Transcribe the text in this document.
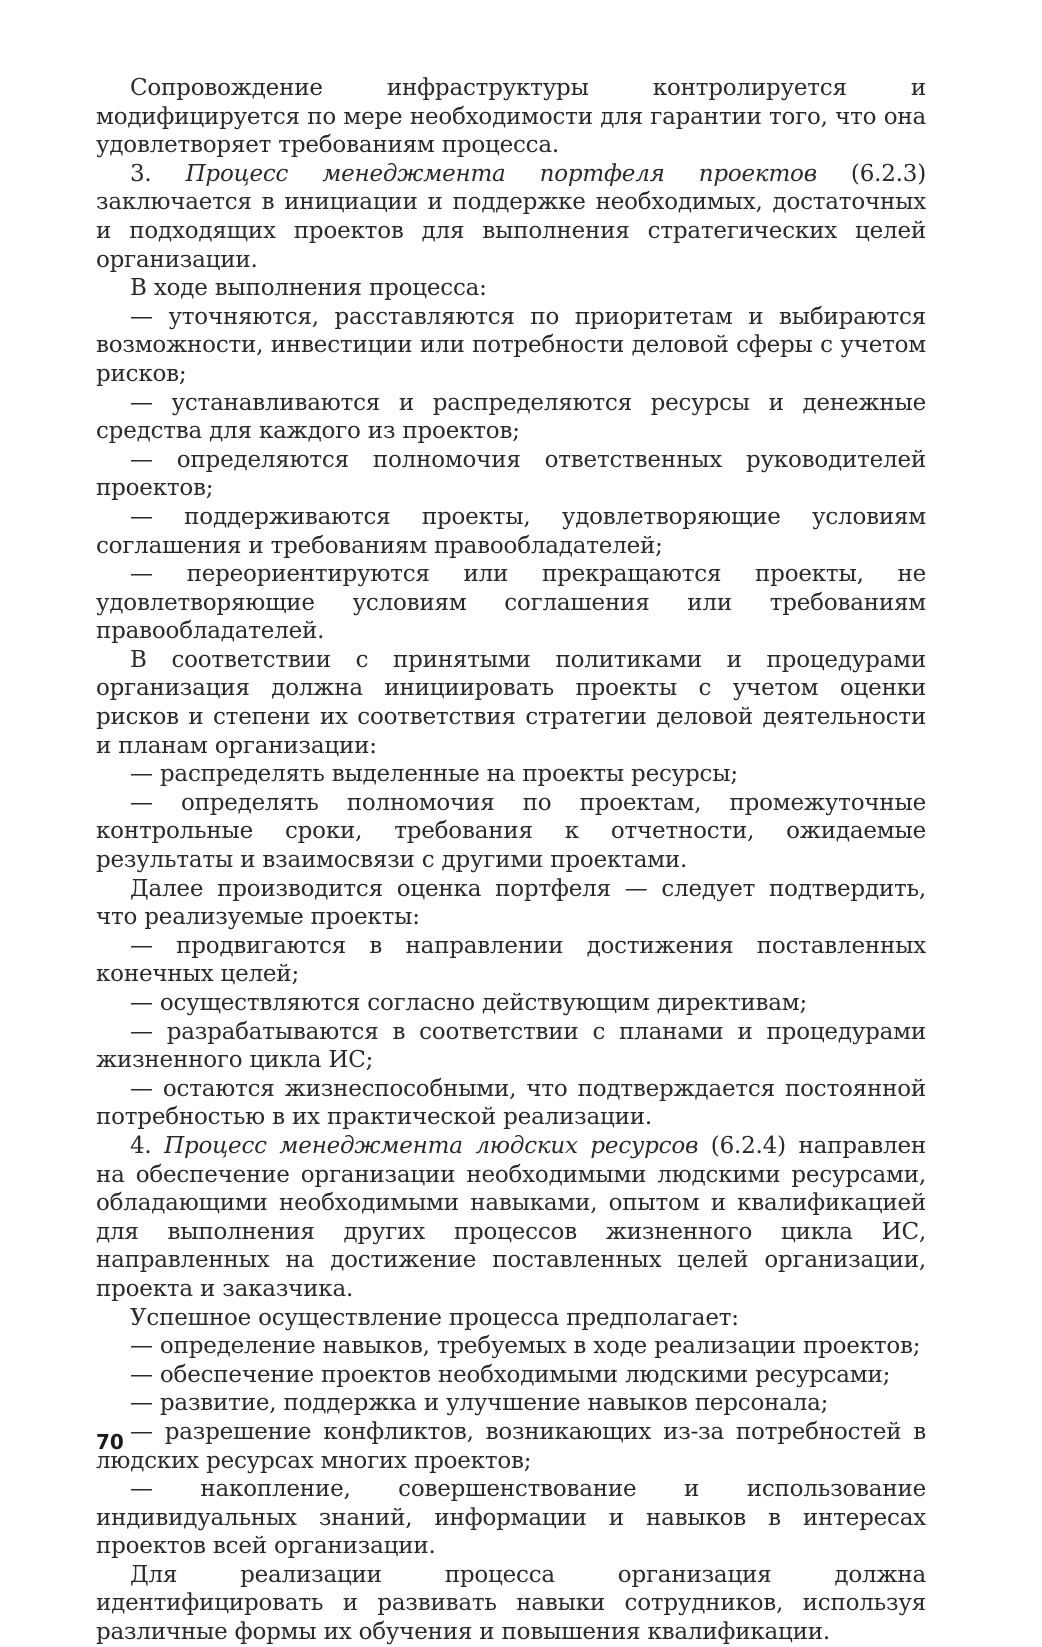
Сопровождение инфраструктуры контролируется и модифицируется по мере необходимости для гарантии того, что она удовлетворяет требованиям процесса.

3. Процесс менеджмента портфеля проектов (6.2.3) заключается в инициации и поддержке необходимых, достаточных и подходящих проектов для выполнения стратегических целей организации.

В ходе выполнения процесса:

— уточняются, расставляются по приоритетам и выбираются возможности, инвестиции или потребности деловой сферы с учетом рисков;

— устанавливаются и распределяются ресурсы и денежные средства для каждого из проектов;

— определяются полномочия ответственных руководителей проектов;

— поддерживаются проекты, удовлетворяющие условиям соглашения и требованиям правообладателей;

— переориентируются или прекращаются проекты, не удовлетворяющие условиям соглашения или требованиям правообладателей.

В соответствии с принятыми политиками и процедурами организация должна инициировать проекты с учетом оценки рисков и степени их соответствия стратегии деловой деятельности и планам организации:

— распределять выделенные на проекты ресурсы;

— определять полномочия по проектам, промежуточные контрольные сроки, требования к отчетности, ожидаемые результаты и взаимосвязи с другими проектами.

Далее производится оценка портфеля — следует подтвердить, что реализуемые проекты:

— продвигаются в направлении достижения поставленных конечных целей;

— осуществляются согласно действующим директивам;

— разрабатываются в соответствии с планами и процедурами жизненного цикла ИС;

— остаются жизнеспособными, что подтверждается постоянной потребностью в их практической реализации.

4. Процесс менеджмента людских ресурсов (6.2.4) направлен на обеспечение организации необходимыми людскими ресурсами, обладающими необходимыми навыками, опытом и квалификацией для выполнения других процессов жизненного цикла ИС, направленных на достижение поставленных целей организации, проекта и заказчика.

Успешное осуществление процесса предполагает:

— определение навыков, требуемых в ходе реализации проектов;

— обеспечение проектов необходимыми людскими ресурсами;

— развитие, поддержка и улучшение навыков персонала;

— разрешение конфликтов, возникающих из-за потребностей в людских ресурсах многих проектов;

— накопление, совершенствование и использование индивидуальных знаний, информации и навыков в интересах проектов всей организации.

Для реализации процесса организация должна идентифицировать и развивать навыки сотрудников, используя различные формы их обучения и повышения квалификации.

70
